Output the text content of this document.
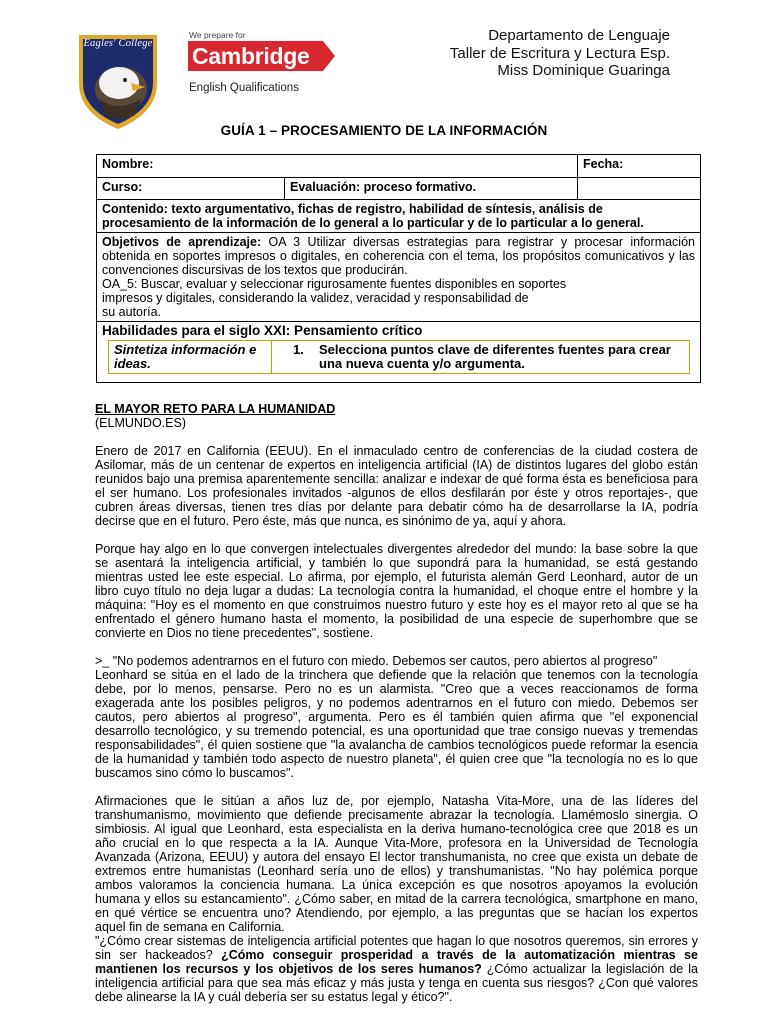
Eagles' College
We prepare for
Cambridge
English Qualifications
Departamento de Lenguaje
Taller de Escritura y Lectura Esp.
Miss Dominique Guaringa
GUÍA 1 – PROCESAMIENTO DE LA INFORMACIÓN
Nombre:	Fecha:
Curso:	Evaluación: proceso formativo.	
Contenido: texto argumentativo, fichas de registro, habilidad de síntesis, análisis de procesamiento de la información de lo general a lo particular y de lo particular a lo general.

Objetivos de aprendizaje: OA 3 Utilizar diversas estrategias para registrar y procesar información obtenida en soportes impresos o digitales, en coherencia con el tema, los propósitos comunicativos y las convenciones discursivas de los textos que producirán.
OA_5: Buscar, evaluar y seleccionar rigurosamente fuentes disponibles en soportes
impresos y digitales, considerando la validez, veracidad y responsabilidad de
su autoría.

Habilidades para el siglo XXI: Pensamiento crítico
Sintetiza información e ideas.	1. Selecciona puntos clave de diferentes fuentes para crear una nueva cuenta y/o argumenta.
EL MAYOR RETO PARA LA HUMANIDAD
(ELMUNDO.ES)

Enero de 2017 en California (EEUU). En el inmaculado centro de conferencias de la ciudad costera de Asilomar, más de un centenar de expertos en inteligencia artificial (IA) de distintos lugares del globo están reunidos bajo una premisa aparentemente sencilla: analizar e indexar de qué forma ésta es beneficiosa para el ser humano. Los profesionales invitados -algunos de ellos desfilarán por éste y otros reportajes-, que cubren áreas diversas, tienen tres días por delante para debatir cómo ha de desarrollarse la IA, podría decirse que en el futuro. Pero éste, más que nunca, es sinónimo de ya, aquí y ahora.

Porque hay algo en lo que convergen intelectuales divergentes alrededor del mundo: la base sobre la que se asentará la inteligencia artificial, y también lo que supondrá para la humanidad, se está gestando mientras usted lee este especial. Lo afirma, por ejemplo, el futurista alemán Gerd Leonhard, autor de un libro cuyo título no deja lugar a dudas: La tecnología contra la humanidad, el choque entre el hombre y la máquina: "Hoy es el momento en que construimos nuestro futuro y este hoy es el mayor reto al que se ha enfrentado el género humano hasta el momento, la posibilidad de una especie de superhombre que se convierte en Dios no tiene precedentes", sostiene.

>_ "No podemos adentrarnos en el futuro con miedo. Debemos ser cautos, pero abiertos al progreso"

Leonhard se sitúa en el lado de la trinchera que defiende que la relación que tenemos con la tecnología debe, por lo menos, pensarse. Pero no es un alarmista. "Creo que a veces reaccionamos de forma exagerada ante los posibles peligros, y no podemos adentrarnos en el futuro con miedo. Debemos ser cautos, pero abiertos al progreso", argumenta. Pero es él también quien afirma que "el exponencial desarrollo tecnológico, y su tremendo potencial, es una oportunidad que trae consigo nuevas y tremendas responsabilidades", él quien sostiene que "la avalancha de cambios tecnológicos puede reformar la esencia de la humanidad y también todo aspecto de nuestro planeta", él quien cree que "la tecnología no es lo que buscamos sino cómo lo buscamos".

Afirmaciones que le sitúan a años luz de, por ejemplo, Natasha Vita-More, una de las líderes del transhumanismo, movimiento que defiende precisamente abrazar la tecnología. Llamémoslo sinergia. O simbiosis. Al igual que Leonhard, esta especialista en la deriva humano-tecnológica cree que 2018 es un año crucial en lo que respecta a la IA. Aunque Vita-More, profesora en la Universidad de Tecnología Avanzada (Arizona, EEUU) y autora del ensayo El lector transhumanista, no cree que exista un debate de extremos entre humanistas (Leonhard sería uno de ellos) y transhumanistas. "No hay polémica porque ambos valoramos la conciencia humana. La única excepción es que nosotros apoyamos la evolución humana y ellos su estancamiento". ¿Cómo saber, en mitad de la carrera tecnológica, smartphone en mano, en qué vértice se encuentra uno? Atendiendo, por ejemplo, a las preguntas que se hacían los expertos aquel fin de semana en California.

"¿Cómo crear sistemas de inteligencia artificial potentes que hagan lo que nosotros queremos, sin errores y sin ser hackeados? ¿Cómo conseguir prosperidad a través de la automatización mientras se mantienen los recursos y los objetivos de los seres humanos? ¿Cómo actualizar la legislación de la inteligencia artificial para que sea más eficaz y más justa y tenga en cuenta sus riesgos? ¿Con qué valores debe alinearse la IA y cuál debería ser su estatus legal y ético?".
